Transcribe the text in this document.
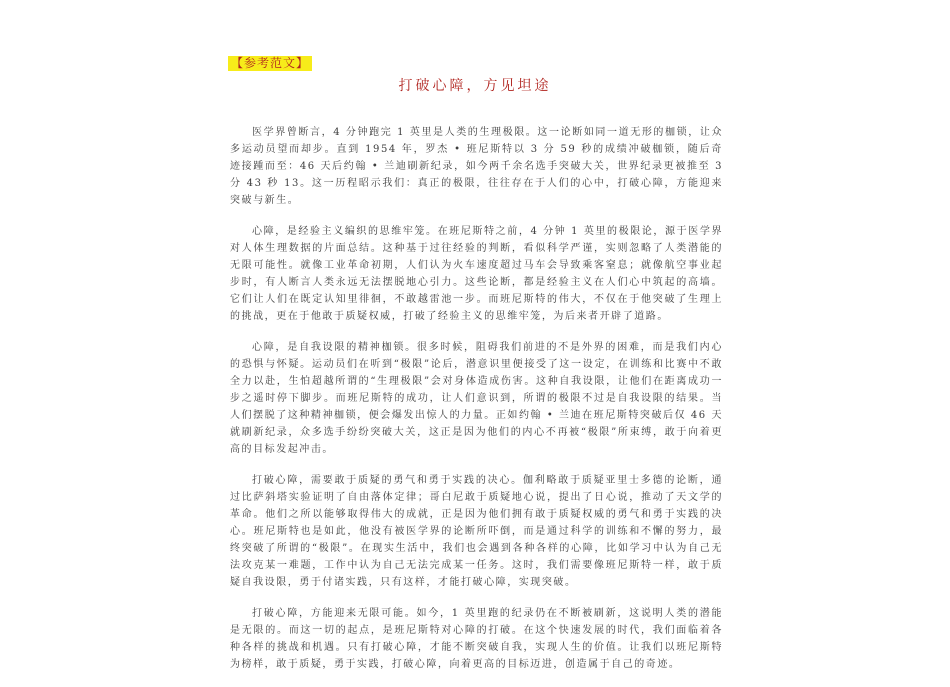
【参考范文】
打破心障，方见坦途

医学界曾断言，4 分钟跑完 1 英里是人类的生理极限。这一论断如同一道无形的枷锁，让众多运动员望而却步。直到 1954 年，罗杰 • 班尼斯特以 3 分 59 秒的成绩冲破枷锁，随后奇迹接踵而至：46 天后约翰 • 兰迪刷新纪录，如今两千余名选手突破大关，世界纪录更被推至 3 分 43 秒 13。这一历程昭示我们：真正的极限，往往存在于人们的心中，打破心障，方能迎来突破与新生。

心障，是经验主义编织的思维牢笼。在班尼斯特之前，4 分钟 1 英里的极限论，源于医学界对人体生理数据的片面总结。这种基于过往经验的判断，看似科学严谨，实则忽略了人类潜能的无限可能性。就像工业革命初期，人们认为火车速度超过马车会导致乘客窒息；就像航空事业起步时，有人断言人类永远无法摆脱地心引力。这些论断，都是经验主义在人们心中筑起的高墙。它们让人们在既定认知里徘徊，不敢越雷池一步。而班尼斯特的伟大，不仅在于他突破了生理上的挑战，更在于他敢于质疑权威，打破了经验主义的思维牢笼，为后来者开辟了道路。

心障，是自我设限的精神枷锁。很多时候，阻碍我们前进的不是外界的困难，而是我们内心的恐惧与怀疑。运动员们在听到“极限”论后，潜意识里便接受了这一设定，在训练和比赛中不敢全力以赴，生怕超越所谓的“生理极限”会对身体造成伤害。这种自我设限，让他们在距离成功一步之遥时停下脚步。而班尼斯特的成功，让人们意识到，所谓的极限不过是自我设限的结果。当人们摆脱了这种精神枷锁，便会爆发出惊人的力量。正如约翰 • 兰迪在班尼斯特突破后仅 46 天就刷新纪录，众多选手纷纷突破大关，这正是因为他们的内心不再被“极限”所束缚，敢于向着更高的目标发起冲击。

打破心障，需要敢于质疑的勇气和勇于实践的决心。伽利略敢于质疑亚里士多德的论断，通过比萨斜塔实验证明了自由落体定律；哥白尼敢于质疑地心说，提出了日心说，推动了天文学的革命。他们之所以能够取得伟大的成就，正是因为他们拥有敢于质疑权威的勇气和勇于实践的决心。班尼斯特也是如此，他没有被医学界的论断所吓倒，而是通过科学的训练和不懈的努力，最终突破了所谓的“极限”。在现实生活中，我们也会遇到各种各样的心障，比如学习中认为自己无法攻克某一难题，工作中认为自己无法完成某一任务。这时，我们需要像班尼斯特一样，敢于质疑自我设限，勇于付诸实践，只有这样，才能打破心障，实现突破。

打破心障，方能迎来无限可能。如今，1 英里跑的纪录仍在不断被刷新，这说明人类的潜能是无限的。而这一切的起点，是班尼斯特对心障的打破。在这个快速发展的时代，我们面临着各种各样的挑战和机遇。只有打破心障，才能不断突破自我，实现人生的价值。让我们以班尼斯特为榜样，敢于质疑，勇于实践，打破心障，向着更高的目标迈进，创造属于自己的奇迹。
